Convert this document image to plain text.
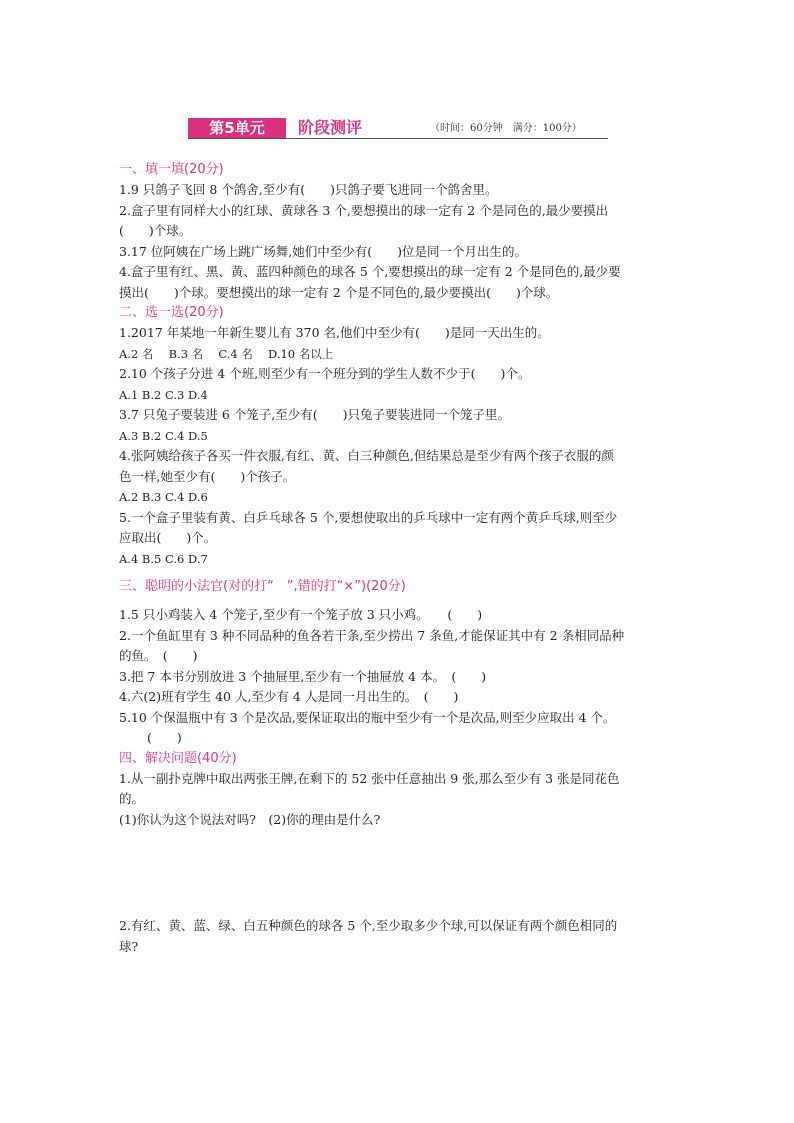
第5单元	阶段测评	（时间：60分钟　满分：100分）

一、填一填(20分)

1.9 只鸽子飞回 8 个鸽舍,至少有(　　)只鸽子要飞进同一个鸽舍里。

2.盒子里有同样大小的红球、黄球各 3 个,要想摸出的球一定有 2 个是同色的,最少要摸出

(　　)个球。

3.17 位阿姨在广场上跳广场舞,她们中至少有(　　)位是同一个月出生的。

4.盒子里有红、黑、黄、蓝四种颜色的球各 5 个,要想摸出的球一定有 2 个是同色的,最少要

摸出(　　)个球。要想摸出的球一定有 2 个是不同色的,最少要摸出(　　)个球。

二、选一选(20分)

1.2017 年某地一年新生婴儿有 370 名,他们中至少有(　　)是同一天出生的。

A.2 名　 B.3 名　 C.4 名　 D.10 名以上

2.10 个孩子分进 4 个班,则至少有一个班分到的学生人数不少于(　　)个。

A.1 B.2 C.3 D.4

3.7 只兔子要装进 6 个笼子,至少有(　　)只兔子要装进同一个笼子里。

A.3 B.2 C.4 D.5

4.张阿姨给孩子各买一件衣服,有红、黄、白三种颜色,但结果总是至少有两个孩子衣服的颜

色一样,她至少有(　　)个孩子。

A.2 B.3 C.4 D.6

5.一个盒子里装有黄、白乒乓球各 5 个,要想使取出的乒乓球中一定有两个黄乒乓球,则至少

应取出(　　)个。

A.4 B.5 C.6 D.7

三、聪明的小法官(对的打“　”,错的打“×”)(20分)

1.5 只小鸡装入 4 个笼子,至少有一个笼子放 3 只小鸡。　　(　　)

2.一个鱼缸里有 3 种不同品种的鱼各若干条,至少捞出 7 条鱼,才能保证其中有 2 条相同品种

的鱼。　(　　)

3.把 7 本书分别放进 3 个抽屉里,至少有一个抽屉放 4 本。　(　　)

4.六(2)班有学生 40 人,至少有 4 人是同一月出生的。　(　　)

5.10 个保温瓶中有 3 个是次品,要保证取出的瓶中至少有一个是次品,则至少应取出 4 个。

(　　)

四、解决问题(40分)

1.从一副扑克牌中取出两张王牌,在剩下的 52 张中任意抽出 9 张,那么至少有 3 张是同花色

的。

(1)你认为这个说法对吗?　(2)你的理由是什么?

2.有红、黄、蓝、绿、白五种颜色的球各 5 个,至少取多少个球,可以保证有两个颜色相同的

球?
